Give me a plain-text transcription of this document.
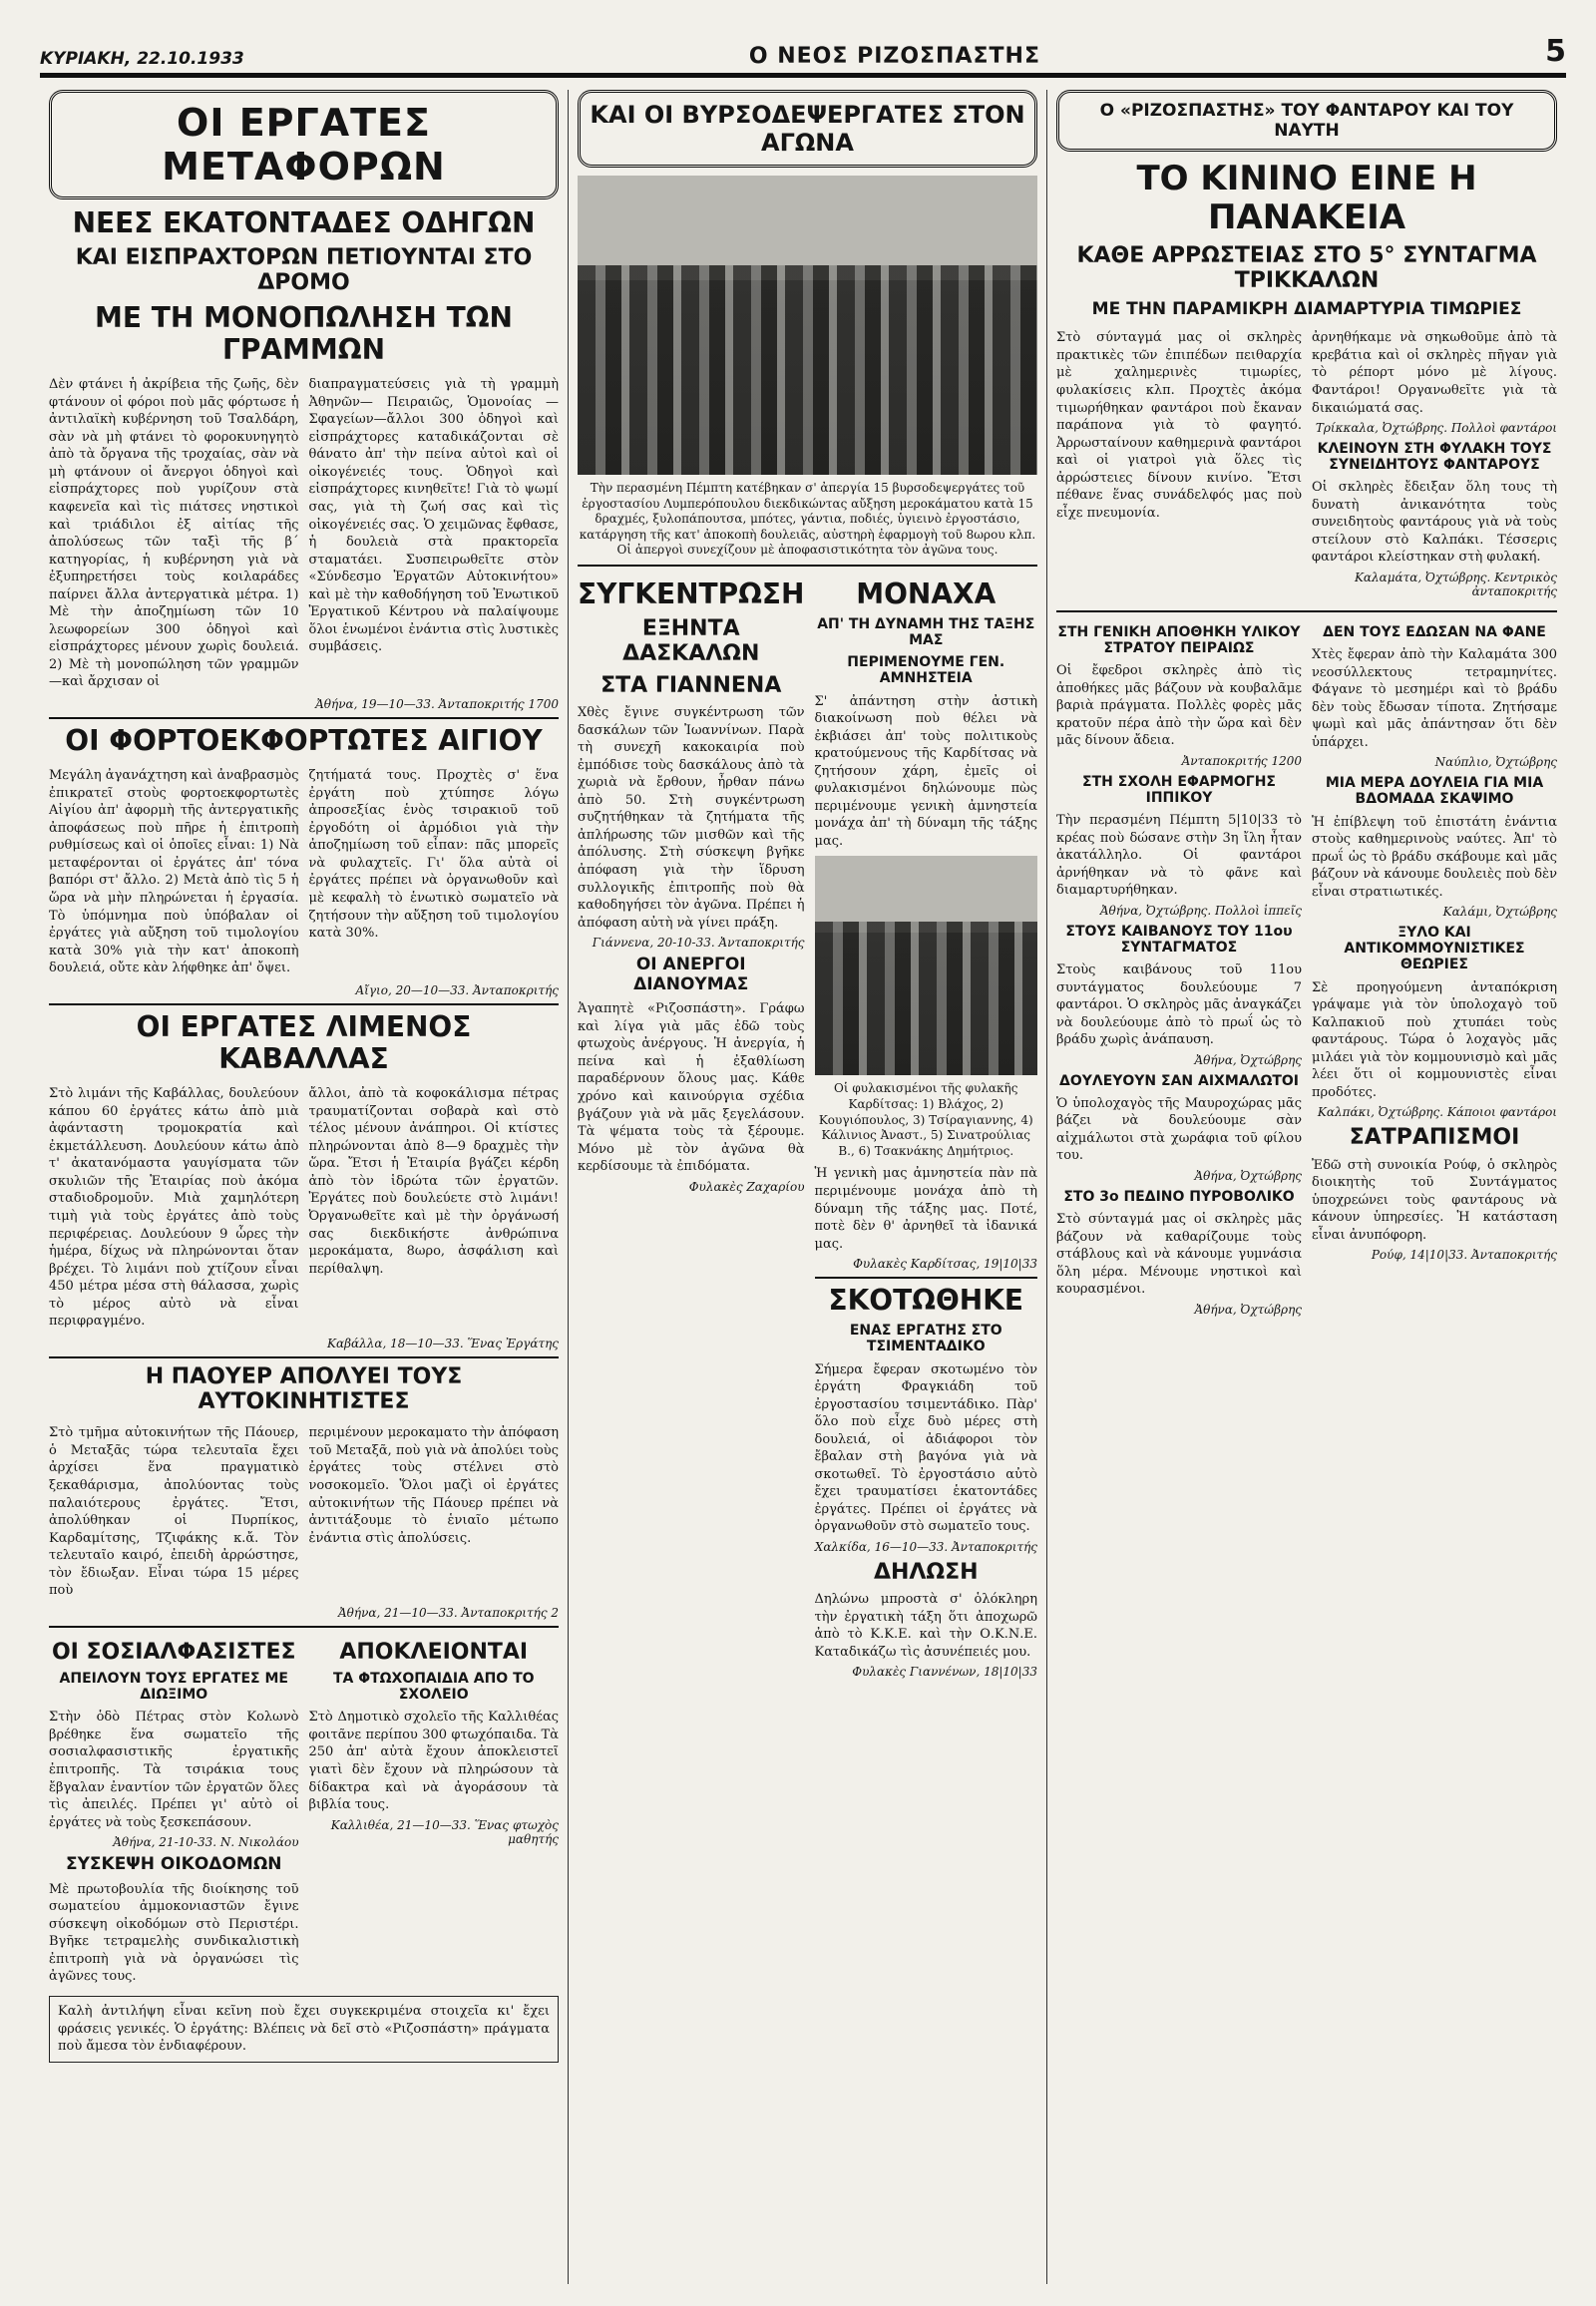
ΚΥΡΙΑΚΗ, 22.10.1933	Ο ΝΕΟΣ ΡΙΖΟΣΠΑΣΤΗΣ	5
ΟΙ ΕΡΓΑΤΕΣ ΜΕΤΑΦΟΡΩΝ
ΝΕΕΣ ΕΚΑΤΟΝΤΑΔΕΣ ΟΔΗΓΩΝ
ΚΑΙ ΕΙΣΠΡΑΧΤΟΡΩΝ ΠΕΤΙΟΥΝΤΑΙ ΣΤΟ ΔΡΟΜΟ
ΜΕ ΤΗ ΜΟΝΟΠΩΛΗΣΗ ΤΩΝ ΓΡΑΜΜΩΝ
Δὲν φτάνει ἡ ἀκρίβεια τῆς ζωῆς, δὲν φτάνουν οἱ φόροι ποὺ μᾶς φόρτωσε ἡ ἀντιλαϊκὴ κυβέρνηση τοῦ Τσαλδάρη, σὰν νὰ μὴ φτάνει τὸ φοροκυνηγητὸ ἀπὸ τὰ ὄργανα τῆς τροχαίας, σὰν νὰ μὴ φτάνουν οἱ ἄνεργοι ὁδηγοὶ καὶ εἰσπράχτορες ποὺ γυρίζουν στὰ καφενεῖα καὶ τὶς πιάτσες νηστικοὶ καὶ τριάδιλοι ἐξ αἰτίας τῆς ἀπολύσεως τῶν ταξὶ τῆς β΄ κατηγορίας, ἡ κυβέρνηση γιὰ νὰ ἐξυπηρετήσει τοὺς κοιλαράδες παίρνει ἄλλα ἀντεργατικὰ μέτρα. 1) Μὲ τὴν ἀποζημίωση τῶν 10 λεωφορείων 300 ὁδηγοὶ καὶ εἰσπράχτορες μένουν χωρὶς δουλειά. 2) Μὲ τὴ μονοπώληση τῶν γραμμῶν—καὶ ἄρχισαν οἱ
διαπραγματεύσεις γιὰ τὴ γραμμὴ Ἀθηνῶν— Πειραιῶς, Ὁμονοίας — Σφαγείων—ἄλλοι 300 ὁδηγοὶ καὶ εἰσπράχτορες καταδικάζονται σὲ θάνατο ἀπ' τὴν πείνα αὐτοὶ καὶ οἱ οἰκογένειές τους. Ὁδηγοὶ καὶ εἰσπράχτορες κινηθεῖτε! Γιὰ τὸ ψωμί σας, γιὰ τὴ ζωή σας καὶ τὶς οἰκογένειές σας. Ὁ χειμῶνας ἔφθασε, ἡ δουλειὰ στὰ πρακτορεῖα σταματάει. Συσπειρωθεῖτε στὸν «Σύνδεσμο Ἐργατῶν Αὐτοκινήτου» καὶ μὲ τὴν καθοδήγηση τοῦ Ἑνωτικοῦ Ἐργατικοῦ Κέντρου νὰ παλαίψουμε ὅλοι ἑνωμένοι ἐνάντια στὶς λυστικὲς συμβάσεις.
Ἀθήνα, 19—10—33. Ἀνταποκριτής 1700
ΟΙ ΦΟΡΤΟΕΚΦΟΡΤΩΤΕΣ ΑΙΓΙΟΥ
Μεγάλη ἀγανάχτηση καὶ ἀναβρασμὸς ἐπικρατεῖ στοὺς φορτοεκφορτωτὲς Αἰγίου ἀπ' ἀφορμὴ τῆς ἀντεργατικῆς ἀποφάσεως ποὺ πῆρε ἡ ἐπιτροπὴ ρυθμίσεως καὶ οἱ ὁποῖες εἶναι: 1) Νὰ μεταφέρονται οἱ ἐργάτες ἀπ' τόνα βαπόρι στ' ἄλλο. 2) Μετὰ ἀπὸ τὶς 5 ἡ ὥρα νὰ μὴν πληρώνεται ἡ ἐργασία. Τὸ ὑπόμνημα ποὺ ὑπόβαλαν οἱ ἐργάτες γιὰ αὔξηση τοῦ τιμολογίου κατὰ 30% γιὰ τὴν κατ' ἀποκοπὴ δουλειά, οὔτε κὰν λήφθηκε ἀπ' ὄψει.
ζητήματά τους. Προχτὲς σ' ἕνα ἐργάτη ποὺ χτύπησε λόγω ἀπροσεξίας ἑνὸς τσιρακιοῦ τοῦ ἐργοδότη οἱ ἀρμόδιοι γιὰ τὴν ἀποζημίωση τοῦ εἶπαν: πᾶς μπορεῖς νὰ φυλαχτεῖς. Γι' ὅλα αὐτὰ οἱ ἐργάτες πρέπει νὰ ὀργανωθοῦν καὶ μὲ κεφαλὴ τὸ ἑνωτικὸ σωματεῖο νὰ ζητήσουν τὴν αὔξηση τοῦ τιμολογίου κατὰ 30%.
Αἴγιο, 20—10—33. Ἀνταποκριτής
ΟΙ ΕΡΓΑΤΕΣ ΛΙΜΕΝΟΣ ΚΑΒΑΛΛΑΣ
Στὸ λιμάνι τῆς Καβάλλας, δουλεύουν κάπου 60 ἐργάτες κάτω ἀπὸ μιὰ ἀφάνταστη τρομοκρατία καὶ ἐκμετάλλευση. Δουλεύουν κάτω ἀπὸ τ' ἀκατανόμαστα γαυγίσματα τῶν σκυλιῶν τῆς Ἑταιρίας ποὺ ἀκόμα σταδιοδρομοῦν. Μιὰ χαμηλότερη τιμὴ γιὰ τοὺς ἐργάτες ἀπὸ τοὺς περιφέρειας. Δουλεύουν 9 ὧρες τὴν ἡμέρα, δίχως νὰ πληρώνονται ὅταν βρέχει. Τὸ λιμάνι ποὺ χτίζουν εἶναι 450 μέτρα μέσα στὴ θάλασσα, χωρὶς τὸ μέρος αὐτὸ νὰ εἶναι περιφραγμένο.
ἄλλοι, ἀπὸ τὰ κοφοκάλισμα πέτρας τραυματίζονται σοβαρὰ καὶ στὸ τέλος μένουν ἀνάπηροι. Οἱ κτίστες πληρώνονται ἀπὸ 8—9 δραχμὲς τὴν ὥρα. Ἔτσι ἡ Ἑταιρία βγάζει κέρδη ἀπὸ τὸν ἱδρώτα τῶν ἐργατῶν. Ἐργάτες ποὺ δουλεύετε στὸ λιμάνι! Ὀργανωθεῖτε καὶ μὲ τὴν ὀργάνωσή σας διεκδικήστε ἀνθρώπινα μεροκάματα, 8ωρο, ἀσφάλιση καὶ περίθαλψη.
Καβάλλα, 18—10—33. Ἕνας Ἐργάτης
Η ΠΑΟΥΕΡ ΑΠΟΛΥΕΙ ΤΟΥΣ ΑΥΤΟΚΙΝΗΤΙΣΤΕΣ
Στὸ τμῆμα αὐτοκινήτων τῆς Πάουερ, ὁ Μεταξᾶς τώρα τελευταῖα ἔχει ἀρχίσει ἕνα πραγματικὸ ξεκαθάρισμα, ἀπολύοντας τοὺς παλαιότερους ἐργάτες. Ἔτσι, ἀπολύθηκαν οἱ Πυρπίκος, Καρδαμίτσης, Τζιφάκης κ.ἄ. Τὸν τελευταῖο καιρό, ἐπειδὴ ἀρρώστησε, τὸν ἔδιωξαν. Εἶναι τώρα 15 μέρες ποὺ
περιμένουν μεροκαματο τὴν ἀπόφαση τοῦ Μεταξᾶ, ποὺ γιὰ νὰ ἀπολύει τοὺς ἐργάτες τοὺς στέλνει στὸ νοσοκομεῖο. Ὅλοι μαζὶ οἱ ἐργάτες αὐτοκινήτων τῆς Πάουερ πρέπει νὰ ἀντιτάξουμε τὸ ἑνιαῖο μέτωπο ἐνάντια στὶς ἀπολύσεις.
Ἀθήνα, 21—10—33. Ἀνταποκριτής 2
ΟΙ ΣΟΣΙΑΛΦΑΣΙΣΤΕΣ
ΑΠΕΙΛΟΥΝ ΤΟΥΣ ΕΡΓΑΤΕΣ ΜΕ ΔΙΩΞΙΜΟ
Στὴν ὁδὸ Πέτρας στὸν Κολωνὸ βρέθηκε ἕνα σωματεῖο τῆς σοσιαλφασιστικῆς ἐργατικῆς ἐπιτροπῆς. Τὰ τσιράκια τους ἔβγαλαν ἐναντίον τῶν ἐργατῶν ὅλες τὶς ἀπειλές. Πρέπει γι' αὐτὸ οἱ ἐργάτες νὰ τοὺς ξεσκεπάσουν.
Ἀθήνα, 21-10-33. Ν. Νικολάου
ΣΥΣΚΕΨΗ ΟΙΚΟΔΟΜΩΝ
Μὲ πρωτοβουλία τῆς διοίκησης τοῦ σωματείου ἀμμοκονιαστῶν ἔγινε σύσκεψη οἰκοδόμων στὸ Περιστέρι. Βγῆκε τετραμελὴς συνδικαλιστικὴ ἐπιτροπὴ γιὰ νὰ ὀργανώσει τὶς ἀγῶνες τους.
ΑΠΟΚΛΕΙΟΝΤΑΙ
ΤΑ ΦΤΩΧΟΠΑΙΔΙΑ ΑΠΟ ΤΟ ΣΧΟΛΕΙΟ
Στὸ Δημοτικὸ σχολεῖο τῆς Καλλιθέας φοιτᾶνε περίπου 300 φτωχόπαιδα. Τὰ 250 ἀπ' αὐτὰ ἔχουν ἀποκλειστεῖ γιατὶ δὲν ἔχουν νὰ πληρώσουν τὰ δίδακτρα καὶ νὰ ἀγοράσουν τὰ βιβλία τους.
Καλλιθέα, 21—10—33. Ἕνας φτωχὸς μαθητής
Καλὴ ἀντιλήψη εἶναι κεῖνη ποὺ ἔχει συγκεκριμένα στοιχεῖα κι' ἔχει φράσεις γενικές. Ὁ ἐργάτης: Βλέπεις νὰ δεῖ στὸ «Ριζοσπάστη» πράγματα ποὺ ἄμεσα τὸν ἐνδιαφέρουν.
ΚΑΙ ΟΙ ΒΥΡΣΟΔΕΨΕΡΓΑΤΕΣ ΣΤΟΝ ΑΓΩΝΑ
Τὴν περασμένη Πέμπτη κατέβηκαν σ' ἀπεργία 15 βυρσοδεψεργάτες τοῦ ἐργοστασίου Λυμπερόπουλου διεκδικώντας αὔξηση μεροκάματου κατὰ 15 δραχμές, ξυλοπάπουτσα, μπότες, γάντια, ποδιές, ὑγιεινὸ ἐργοστάσιο, κατάργηση τῆς κατ' ἀποκοπὴ δουλειᾶς, αὐστηρὴ ἐφαρμογὴ τοῦ 8ωρου κλπ. Οἱ ἀπεργοὶ συνεχίζουν μὲ ἀποφασιστικότητα τὸν ἀγῶνα τους.
ΣΥΓΚΕΝΤΡΩΣΗ
ΕΞΗΝΤΑ ΔΑΣΚΑΛΩΝ
ΣΤΑ ΓΙΑΝΝΕΝΑ
Χθὲς ἔγινε συγκέντρωση τῶν δασκάλων τῶν Ἰωαννίνων. Παρὰ τὴ συνεχῆ κακοκαιρία ποὺ ἐμπόδισε τοὺς δασκάλους ἀπὸ τὰ χωριὰ νὰ ἔρθουν, ἦρθαν πάνω ἀπὸ 50. Στὴ συγκέντρωση συζητήθηκαν τὰ ζητήματα τῆς ἀπλήρωσης τῶν μισθῶν καὶ τῆς ἀπόλυσης. Στὴ σύσκεψη βγῆκε ἀπόφαση γιὰ τὴν ἵδρυση συλλογικῆς ἐπιτροπῆς ποὺ θὰ καθοδηγήσει τὸν ἀγῶνα. Πρέπει ἡ ἀπόφαση αὐτὴ νὰ γίνει πράξη.
Γιάννενα, 20-10-33. Ἀνταποκριτής
ΟΙ ΑΝΕΡΓΟΙ ΔΙΑΝΟΥΜΑΣ
Ἀγαπητὲ «Ριζοσπάστη». Γράφω καὶ λίγα γιὰ μᾶς ἐδῶ τοὺς φτωχοὺς ἀνέργους. Ἡ ἀνεργία, ἡ πείνα καὶ ἡ ἐξαθλίωση παραδέρνουν ὅλους μας. Κάθε χρόνο καὶ καινούργια σχέδια βγάζουν γιὰ νὰ μᾶς ξεγελάσουν. Τὰ ψέματα τοὺς τὰ ξέρουμε. Μόνο μὲ τὸν ἀγῶνα θὰ κερδίσουμε τὰ ἐπιδόματα.
Φυλακὲς Ζαχαρίου
ΜΟΝΑΧΑ
ΑΠ' ΤΗ ΔΥΝΑΜΗ ΤΗΣ ΤΑΞΗΣ ΜΑΣ
ΠΕΡΙΜΕΝΟΥΜΕ ΓΕΝ. ΑΜΝΗΣΤΕΙΑ
Σ' ἀπάντηση στὴν ἀστικὴ διακοίνωση ποὺ θέλει νὰ ἐκβιάσει ἀπ' τοὺς πολιτικοὺς κρατούμενους τῆς Καρδίτσας νὰ ζητήσουν χάρη, ἐμεῖς οἱ φυλακισμένοι δηλώνουμε πὼς περιμένουμε γενικὴ ἀμνηστεία μονάχα ἀπ' τὴ δύναμη τῆς τάξης μας.
Οἱ φυλακισμένοι τῆς φυλακῆς Καρδίτσας: 1) Βλάχος, 2) Κουγιόπουλος, 3) Τσίραγιαννης, 4) Κάλινιος Ἀναστ., 5) Σινατρούλιας Β., 6) Τσακνάκης Δημήτριος.
Ἡ γενικὴ μας ἀμνηστεία πὰν πὰ περιμένουμε μονάχα ἀπὸ τὴ δύναμη τῆς τάξης μας. Ποτέ, ποτὲ δὲν θ' ἀρνηθεῖ τὰ ἰδανικά μας.
Φυλακὲς Καρδίτσας, 19|10|33
ΣΚΟΤΩΘΗΚΕ
ΕΝΑΣ ΕΡΓΑΤΗΣ ΣΤΟ ΤΣΙΜΕΝΤΑΔΙΚΟ
Σήμερα ἔφεραν σκοτωμένο τὸν ἐργάτη Φραγκιάδη τοῦ ἐργοστασίου τσιμεντάδικο. Πὰρ' ὅλο ποὺ εἶχε δυὸ μέρες στὴ δουλειά, οἱ ἀδιάφοροι τὸν ἔβαλαν στὴ βαγόνα γιὰ νὰ σκοτωθεῖ. Τὸ ἐργοστάσιο αὐτὸ ἔχει τραυματίσει ἑκατοντάδες ἐργάτες. Πρέπει οἱ ἐργάτες νὰ ὀργανωθοῦν στὸ σωματεῖο τους.
Χαλκίδα, 16—10—33. Ἀνταποκριτής
ΔΗΛΩΣΗ
Δηλώνω μπροστὰ σ' ὁλόκληρη τὴν ἐργατικὴ τάξη ὅτι ἀποχωρῶ ἀπὸ τὸ Κ.Κ.Ε. καὶ τὴν Ο.Κ.Ν.Ε. Καταδικάζω τὶς ἀσυνέπειές μου.
Φυλακὲς Γιαννένων, 18|10|33
Ο «ΡΙΖΟΣΠΑΣΤΗΣ» ΤΟΥ ΦΑΝΤΑΡΟΥ ΚΑΙ ΤΟΥ ΝΑΥΤΗ
ΤΟ ΚΙΝΙΝΟ ΕΙΝΕ Η ΠΑΝΑΚΕΙΑ
ΚΑΘΕ ΑΡΡΩΣΤΕΙΑΣ ΣΤΟ 5° ΣΥΝΤΑΓΜΑ ΤΡΙΚΚΑΛΩΝ
ΜΕ ΤΗΝ ΠΑΡΑΜΙΚΡΗ ΔΙΑΜΑΡΤΥΡΙΑ ΤΙΜΩΡΙΕΣ
Στὸ σύνταγμά μας οἱ σκληρὲς πρακτικὲς τῶν ἐπιπέδων πειθαρχία μὲ χαλημερινὲς τιμωρίες, φυλακίσεις κλπ. Προχτὲς ἀκόμα τιμωρήθηκαν φαντάροι ποὺ ἔκαναν παράπονα γιὰ τὸ φαγητό. Ἀρρωσταίνουν καθημερινὰ φαντάροι καὶ οἱ γιατροὶ γιὰ ὅλες τὶς ἀρρώστειες δίνουν κινίνο. Ἔτσι πέθανε ἕνας συνάδελφός μας ποὺ εἶχε πνευμονία.
ἀρνηθήκαμε νὰ σηκωθοῦμε ἀπὸ τὰ κρεβάτια καὶ οἱ σκληρὲς πῆγαν γιὰ τὸ ρέπορτ μόνο μὲ λίγους. Φαντάροι! Οργανωθεῖτε γιὰ τὰ δικαιώματά σας.
Τρίκκαλα, Ὀχτώβρης. Πολλοὶ φαντάροι
ΚΛΕΙΝΟΥΝ ΣΤΗ ΦΥΛΑΚΗ ΤΟΥΣ ΣΥΝΕΙΔΗΤΟΥΣ ΦΑΝΤΑΡΟΥΣ
Οἱ σκληρὲς ἔδειξαν ὅλη τους τὴ δυνατὴ ἀνικανότητα τοὺς συνειδητοὺς φαντάρους γιὰ νὰ τοὺς στείλουν στὸ Καλπάκι. Τέσσερις φαντάροι κλείστηκαν στὴ φυλακή.
Καλαμάτα, Ὀχτώβρης. Κεντρικὸς ἀνταποκριτής
ΣΤΗ ΓΕΝΙΚΗ ΑΠΟΘΗΚΗ ΥΛΙΚΟΥ ΣΤΡΑΤΟΥ ΠΕΙΡΑΙΩΣ
Οἱ ἔφεδροι σκληρὲς ἀπὸ τὶς ἀποθήκες μᾶς βάζουν νὰ κουβαλᾶμε βαριὰ πράγματα. Πολλὲς φορὲς μᾶς κρατοῦν πέρα ἀπὸ τὴν ὥρα καὶ δὲν μᾶς δίνουν ἄδεια.
Ἀνταποκριτής 1200
ΣΤΗ ΣΧΟΛΗ ΕΦΑΡΜΟΓΗΣ ΙΠΠΙΚΟΥ
Τὴν περασμένη Πέμπτη 5|10|33 τὸ κρέας ποὺ δώσανε στὴν 3η ἴλη ἦταν ἀκατάλληλο. Οἱ φαντάροι ἀρνήθηκαν νὰ τὸ φᾶνε καὶ διαμαρτυρήθηκαν.
Ἀθήνα, Ὀχτώβρης. Πολλοὶ ἱππεῖς
ΣΤΟΥΣ ΚΑΙΒΑΝΟΥΣ ΤΟΥ 11ου ΣΥΝΤΑΓΜΑΤΟΣ
Στοὺς καιβάνους τοῦ 11ου συντάγματος δουλεύουμε 7 φαντάροι. Ὁ σκληρὸς μᾶς ἀναγκάζει νὰ δουλεύουμε ἀπὸ τὸ πρωΐ ὡς τὸ βράδυ χωρὶς ἀνάπαυση.
Ἀθήνα, Ὀχτώβρης
ΔΟΥΛΕΥΟΥΝ ΣΑΝ ΑΙΧΜΑΛΩΤΟΙ
Ὁ ὑπολοχαγὸς τῆς Μαυροχώρας μᾶς βάζει νὰ δουλεύουμε σὰν αἰχμάλωτοι στὰ χωράφια τοῦ φίλου του.
Ἀθήνα, Ὀχτώβρης
ΣΤΟ 3ο ΠΕΔΙΝΟ ΠΥΡΟΒΟΛΙΚΟ
Στὸ σύνταγμά μας οἱ σκληρὲς μᾶς βάζουν νὰ καθαρίζουμε τοὺς στάβλους καὶ νὰ κάνουμε γυμνάσια ὅλη μέρα. Μένουμε νηστικοὶ καὶ κουρασμένοι.
Ἀθήνα, Ὀχτώβρης
ΔΕΝ ΤΟΥΣ ΕΔΩΣΑΝ ΝΑ ΦΑΝΕ
Χτὲς ἔφεραν ἀπὸ τὴν Καλαμάτα 300 νεοσύλλεκτους τετραμηνίτες. Φάγανε τὸ μεσημέρι καὶ τὸ βράδυ δὲν τοὺς ἔδωσαν τίποτα. Ζητήσαμε ψωμὶ καὶ μᾶς ἀπάντησαν ὅτι δὲν ὑπάρχει.
Ναύπλιο, Ὀχτώβρης
ΜΙΑ ΜΕΡΑ ΔΟΥΛΕΙΑ ΓΙΑ ΜΙΑ ΒΔΟΜΑΔΑ ΣΚΑΨΙΜΟ
Ἡ ἐπίβλεψη τοῦ ἐπιστάτη ἐνάντια στοὺς καθημερινοὺς ναύτες. Ἀπ' τὸ πρωΐ ὡς τὸ βράδυ σκάβουμε καὶ μᾶς βάζουν νὰ κάνουμε δουλειὲς ποὺ δὲν εἶναι στρατιωτικές.
Καλάμι, Ὀχτώβρης
ΞΥΛΟ ΚΑΙ ΑΝΤΙΚΟΜΜΟΥΝΙΣΤΙΚΕΣ ΘΕΩΡΙΕΣ
Σὲ προηγούμενη ἀνταπόκριση γράψαμε γιὰ τὸν ὑπολοχαγὸ τοῦ Καλπακιοῦ ποὺ χτυπάει τοὺς φαντάρους. Τώρα ὁ λοχαγὸς μᾶς μιλάει γιὰ τὸν κομμουνισμὸ καὶ μᾶς λέει ὅτι οἱ κομμουνιστὲς εἶναι προδότες.
Καλπάκι, Ὀχτώβρης. Κάποιοι φαντάροι
ΣΑΤΡΑΠΙΣΜΟΙ
Ἐδῶ στὴ συνοικία Ρούφ, ὁ σκληρὸς διοικητὴς τοῦ Συντάγματος ὑποχρεώνει τοὺς φαντάρους νὰ κάνουν ὑπηρεσίες. Ἡ κατάσταση εἶναι ἀνυπόφορη.
Ρούφ, 14|10|33. Ἀνταποκριτής
